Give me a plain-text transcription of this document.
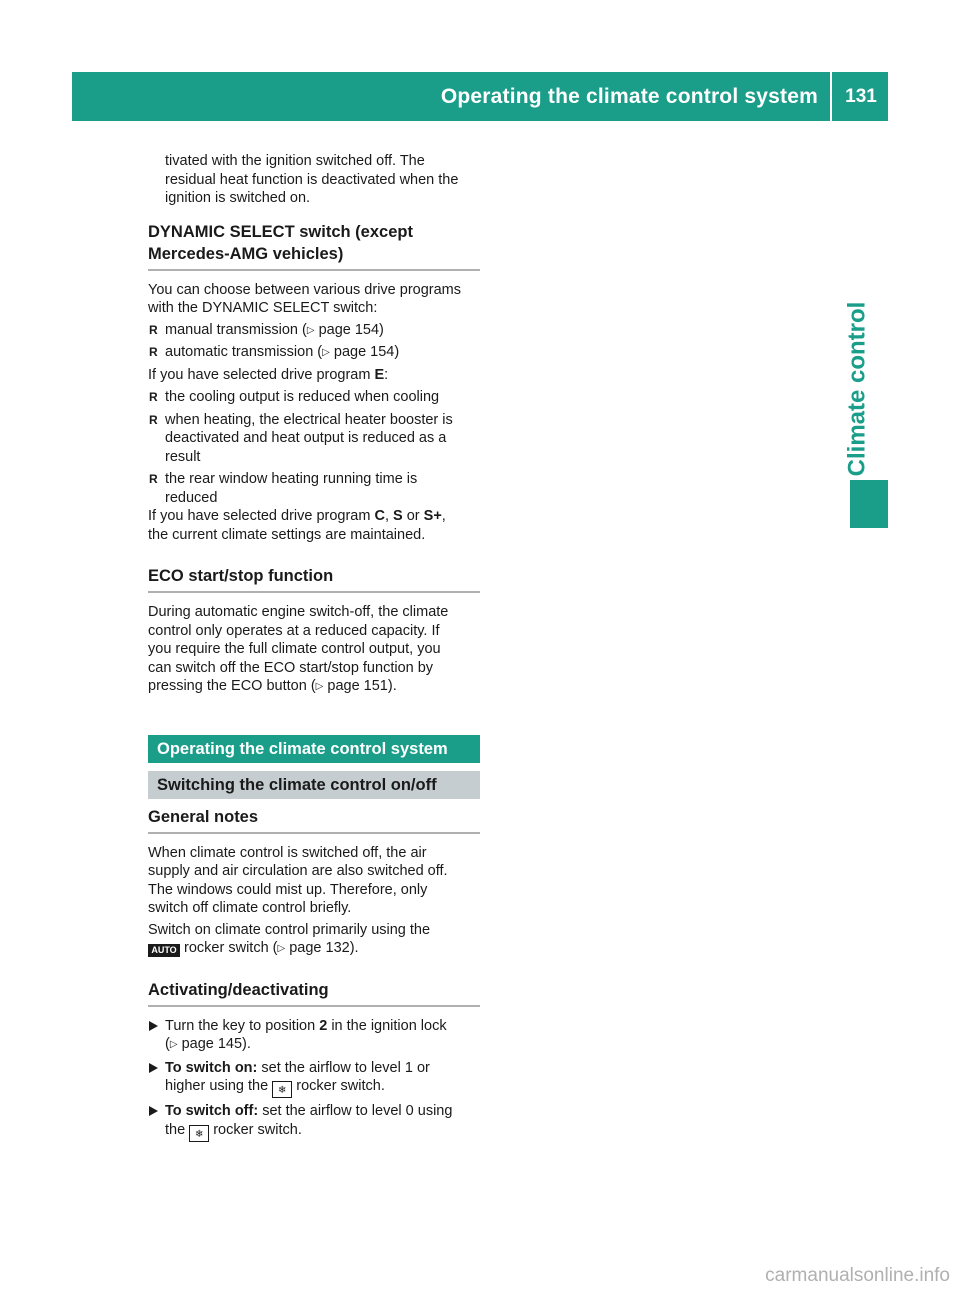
Operating the climate control system	131
Climate control

tivated with the ignition switched off. The

residual heat function is deactivated when the

ignition is switched on.

DYNAMIC SELECT switch (except

Mercedes-AMG vehicles)

You can choose between various drive programs

with the DYNAMIC SELECT switch:

R manual transmission (▷ page 154)

R automatic transmission (▷ page 154)

If you have selected drive program E:

R the cooling output is reduced when cooling

R when heating, the electrical heater booster is

deactivated and heat output is reduced as a

result

R the rear window heating running time is

reduced

If you have selected drive program C, S or S+,

the current climate settings are maintained.

ECO start/stop function

During automatic engine switch-off, the climate

control only operates at a reduced capacity. If

you require the full climate control output, you

can switch off the ECO start/stop function by

pressing the ECO button (▷ page 151).

Operating the climate control system
Switching the climate control on/off

General notes

When climate control is switched off, the air

supply and air circulation are also switched off.

The windows could mist up. Therefore, only

switch off climate control briefly.

Switch on climate control primarily using the

AUTO rocker switch (▷ page 132).

Activating/deactivating

Turn the key to position 2 in the ignition lock

(▷ page 145).

To switch on: set the airflow to level 1 or

higher using the ❄ rocker switch.

To switch off: set the airflow to level 0 using

the ❄ rocker switch.

carmanualsonline.info
